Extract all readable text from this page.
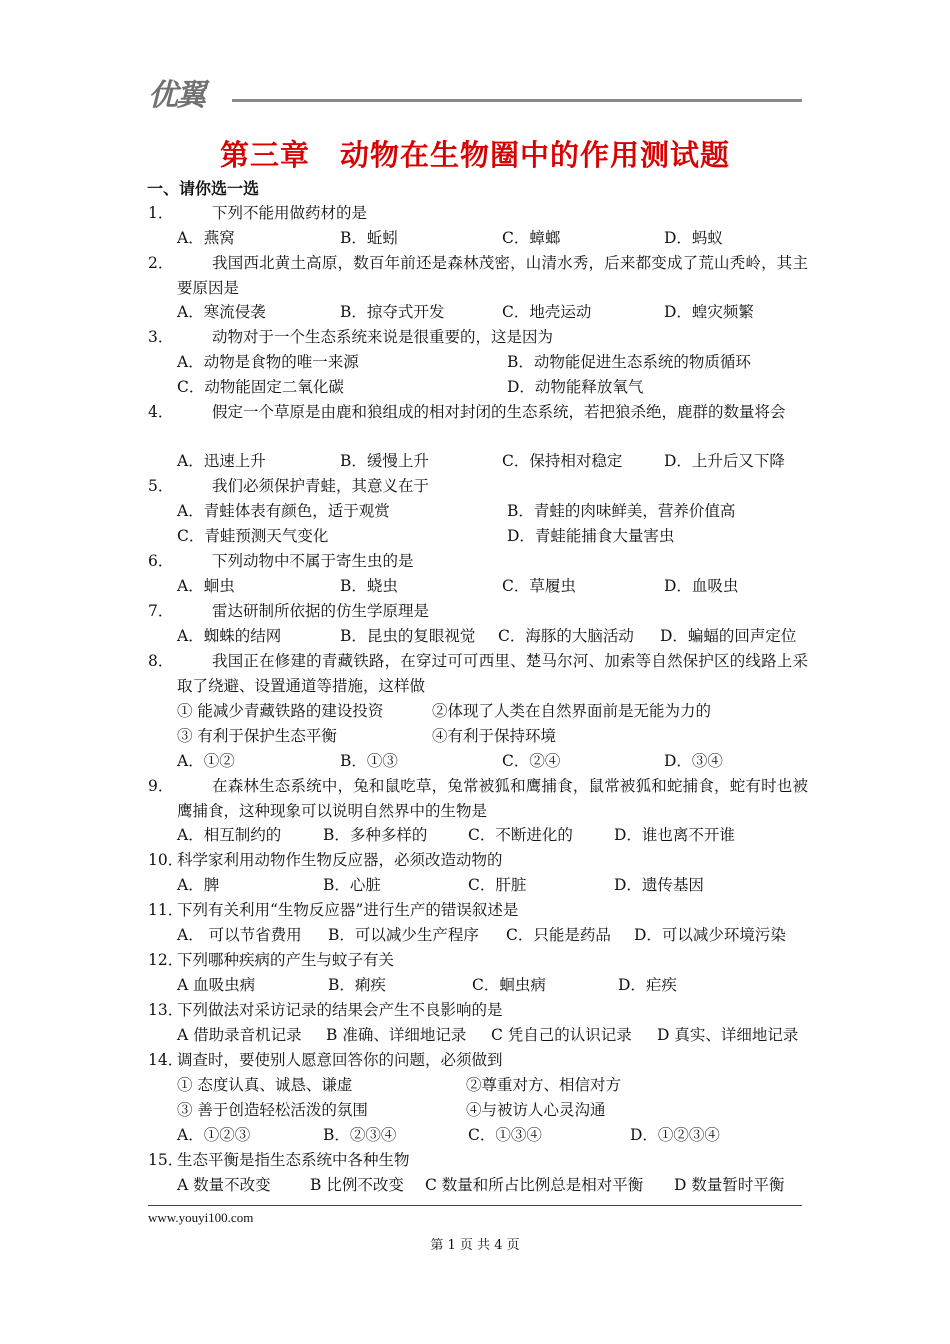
优翼
第三章　动物在生物圈中的作用测试题
一、请你选一选
1．	下列不能用做药材的是
A．燕窝	B．蚯蚓	C．蟑螂	D．蚂蚁
2．	我国西北黄土高原，数百年前还是森林茂密，山清水秀，后来都变成了荒山秃岭，其主要原因是
A．寒流侵袭	B．掠夺式开发	C．地壳运动	D．蝗灾频繁
3．	动物对于一个生态系统来说是很重要的，这是因为
A．动物是食物的唯一来源	B．动物能促进生态系统的物质循环
C．动物能固定二氧化碳	D．动物能释放氧气
4．	假定一个草原是由鹿和狼组成的相对封闭的生态系统，若把狼杀绝，鹿群的数量将会
A．迅速上升	B．缓慢上升	C．保持相对稳定	D．上升后又下降
5．	我们必须保护青蛙，其意义在于
A．青蛙体表有颜色，适于观赏	B．青蛙的肉味鲜美，营养价值高
C．青蛙预测天气变化	D．青蛙能捕食大量害虫
6．	下列动物中不属于寄生虫的是
A．蛔虫	B．蛲虫	C．草履虫	D．血吸虫
7．	雷达研制所依据的仿生学原理是
A．蜘蛛的结网	B．昆虫的复眼视觉 C．海豚的大脑活动 D．蝙蝠的回声定位
8．	我国正在修建的青藏铁路，在穿过可可西里、楚马尔河、加索等自然保护区的线路上采取了绕避、设置通道等措施，这样做
① 能减少青藏铁路的建设投资	②体现了人类在自然界面前是无能为力的
③ 有利于保护生态平衡	④有利于保持环境
A．①②	B．①③	C．②④	D．③④
9．	在森林生态系统中，兔和鼠吃草，兔常被狐和鹰捕食，鼠常被狐和蛇捕食，蛇有时也被鹰捕食，这种现象可以说明自然界中的生物是
A．相互制约的	B．多种多样的	C．不断进化的	D．谁也离不开谁
10．
科学家利用动物作生物反应器，必须改造动物的
A．脾	B．心脏	C．肝脏	D．遗传基因
11．
下列有关利用“生物反应器”进行生产的错误叙述是
A． 可以节省费用 B．可以减少生产程序 C．只能是药品 D．可以减少环境污染
12．
下列哪种疾病的产生与蚊子有关
A 血吸虫病	B．痢疾	C．蛔虫病	D．疟疾
13．
下列做法对采访记录的结果会产生不良影响的是
A 借助录音机记录 B 准确、详细地记录 C 凭自己的认识记录 D 真实、详细地记录
14．
调查时，要使别人愿意回答你的问题，必须做到
① 态度认真、诚恳、谦虚	②尊重对方、相信对方
③ 善于创造轻松活泼的氛围	④与被访人心灵沟通
A．①②③	B．②③④	C．①③④	D．①②③④
15．
生态平衡是指生态系统中各种生物
A 数量不改变	B 比例不改变 C 数量和所占比例总是相对平衡 D 数量暂时平衡
www.youyi100.com
第 1 页 共 4 页
